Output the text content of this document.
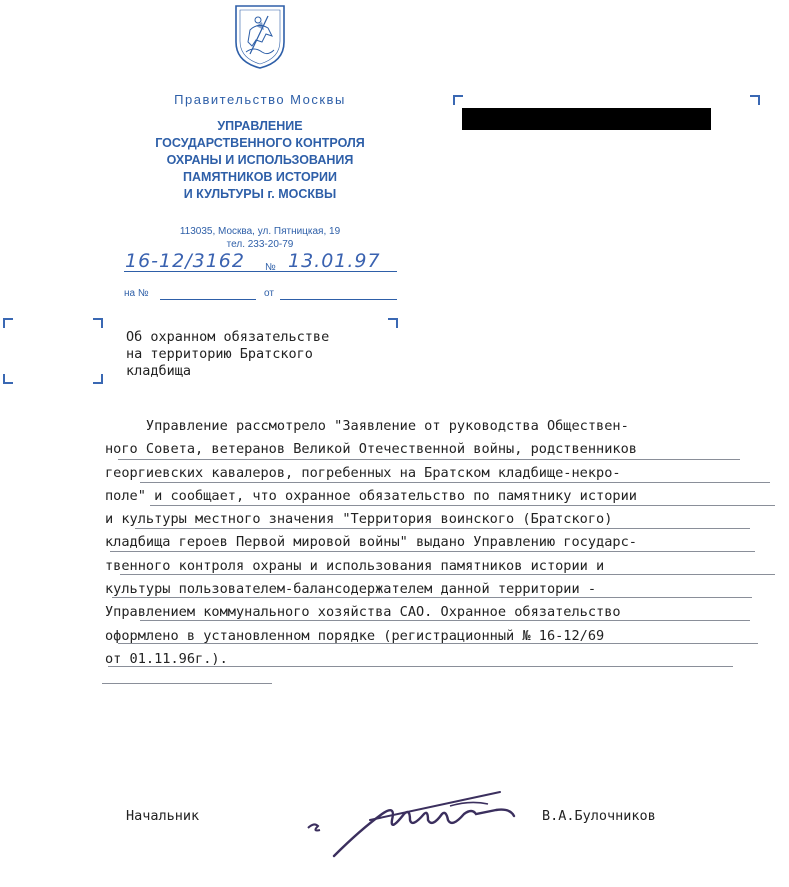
Правительство Москвы
УПРАВЛЕНИЕ
ГОСУДАРСТВЕННОГО КОНТРОЛЯ
ОХРАНЫ И ИСПОЛЬЗОВАНИЯ
ПАМЯТНИКОВ ИСТОРИИ
И КУЛЬТУРЫ г. МОСКВЫ
113035, Москва, ул. Пятницкая, 19
тел. 233-20-79
16-12/3162 № 13.01.97
на №	от
Об охранном обязательстве
на территорию Братского
кладбища
Управление рассмотрело "Заявление от руководства Обществен-
ного Совета, ветеранов Великой Отечественной войны, родственников
георгиевских кавалеров, погребенных на Братском кладбище-некро-
поле" и сообщает, что охранное обязательство по памятнику истории
и культуры местного значения "Территория воинского (Братского)
кладбища героев Первой мировой войны" выдано Управлению государс-
твенного контроля охраны и использования памятников истории и
культуры пользователем-балансодержателем данной территории -
Управлением коммунального хозяйства САО. Охранное обязательство
оформлено в установленном порядке (регистрационный № 16-12/69
от 01.11.96г.).
Начальник	В.А.Булочников
